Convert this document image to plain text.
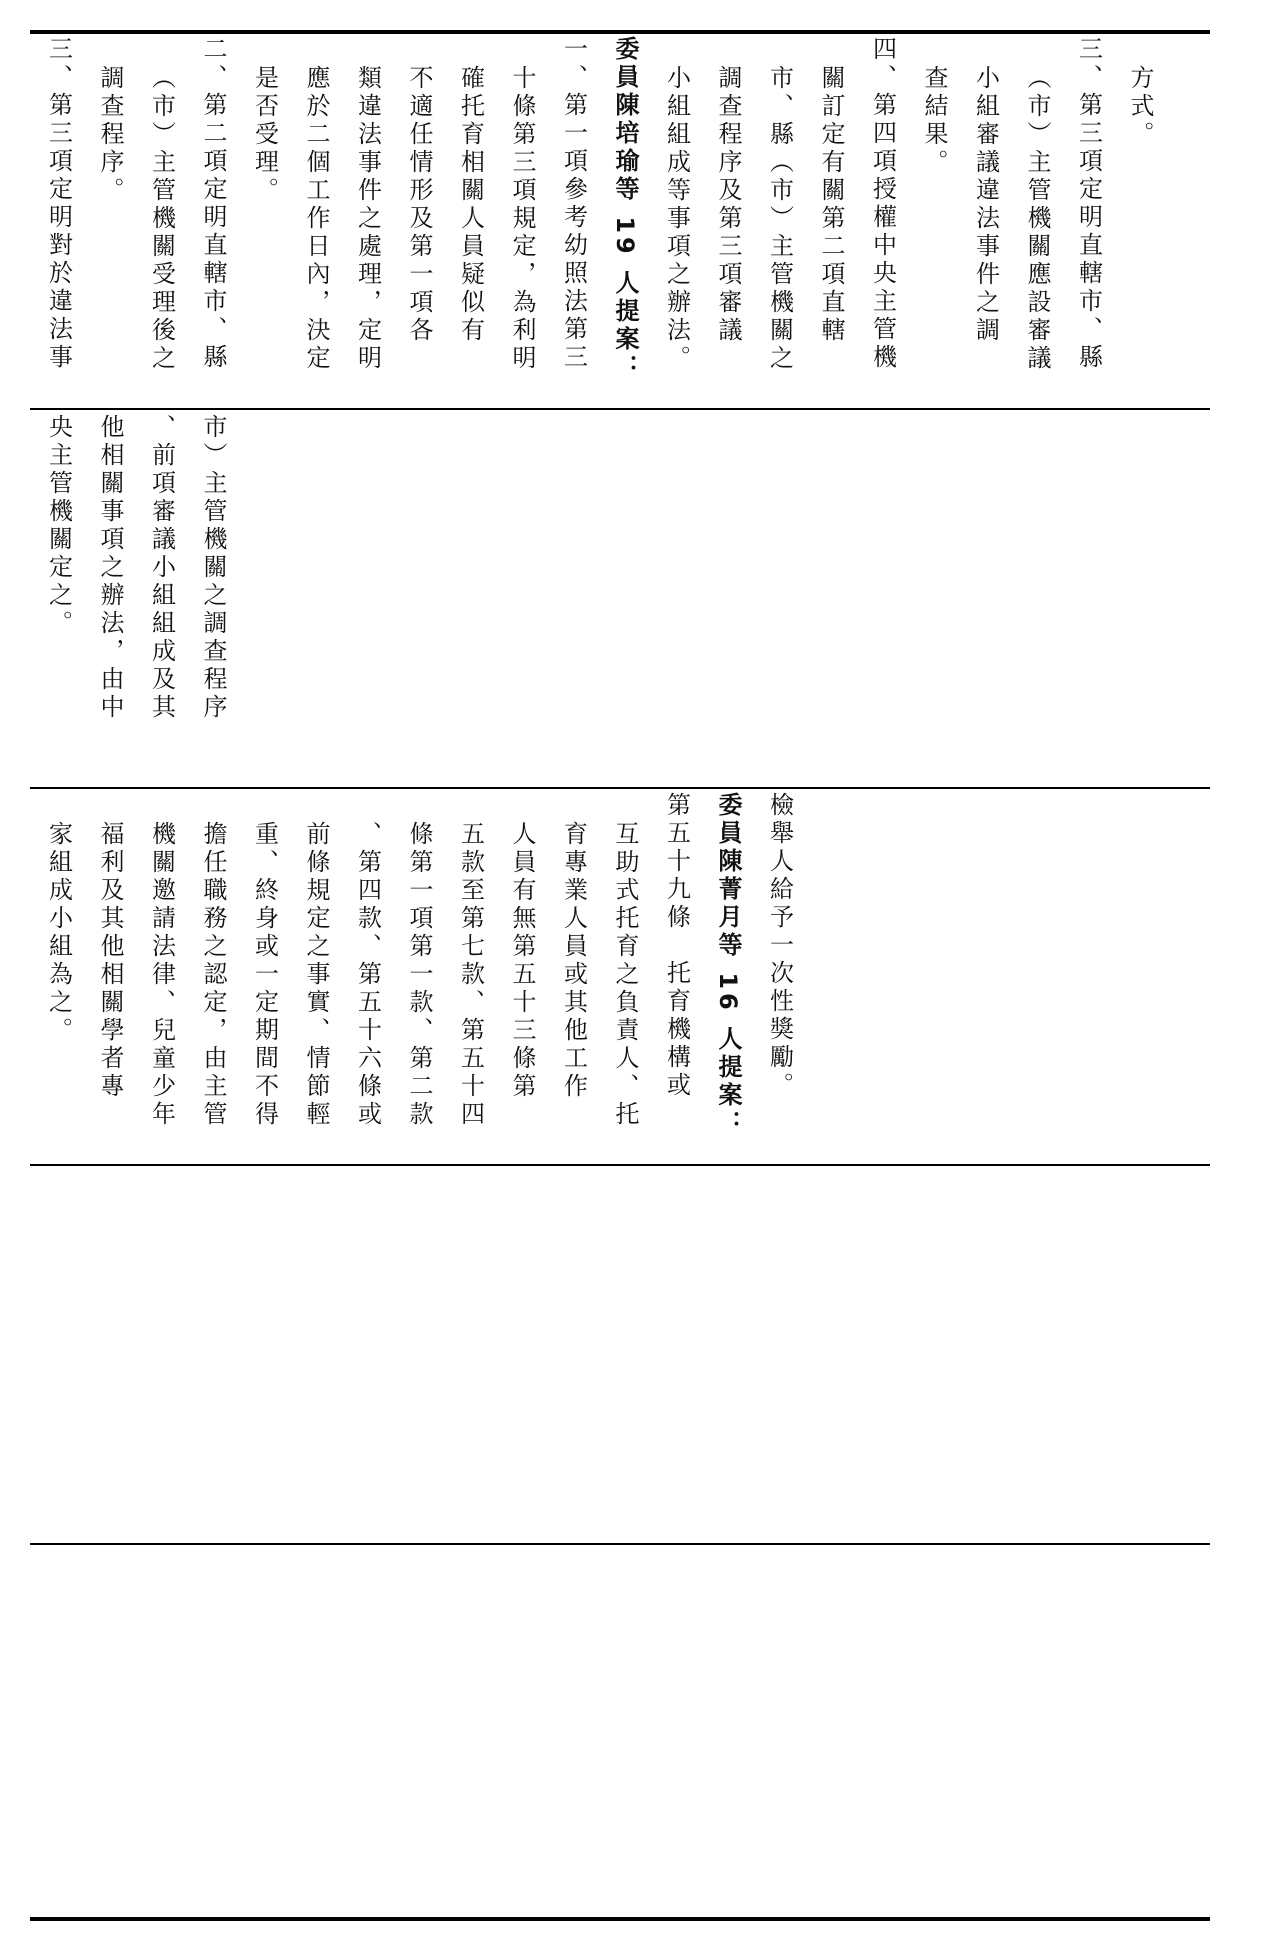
方式。
三、第三項定明直轄市、縣
（市）主管機關應設審議
小組審議違法事件之調
查結果。
四、第四項授權中央主管機
關訂定有關第二項直轄
市、縣（市）主管機關之
調查程序及第三項審議
小組組成等事項之辦法。
委員陳培瑜等 19 人提案：
一、第一項參考幼照法第三
十條第三項規定，為利明
確托育相關人員疑似有
不適任情形及第一項各
類違法事件之處理，定明
應於二個工作日內，決定
是否受理。
二、第二項定明直轄市、縣
（市）主管機關受理後之
調查程序。
三、第三項定明對於違法事
市）主管機關之調查程序
、前項審議小組組成及其
他相關事項之辦法，由中
央主管機關定之。
檢舉人給予一次性獎勵。
委員陳菁月等 16 人提案：
第五十九條　托育機構或
互助式托育之負責人、托
育專業人員或其他工作
人員有無第五十三條第
五款至第七款、第五十四
條第一項第一款、第二款
、第四款、第五十六條或
前條規定之事實、情節輕
重、終身或一定期間不得
擔任職務之認定，由主管
機關邀請法律、兒童少年
福利及其他相關學者專
家組成小組為之。
